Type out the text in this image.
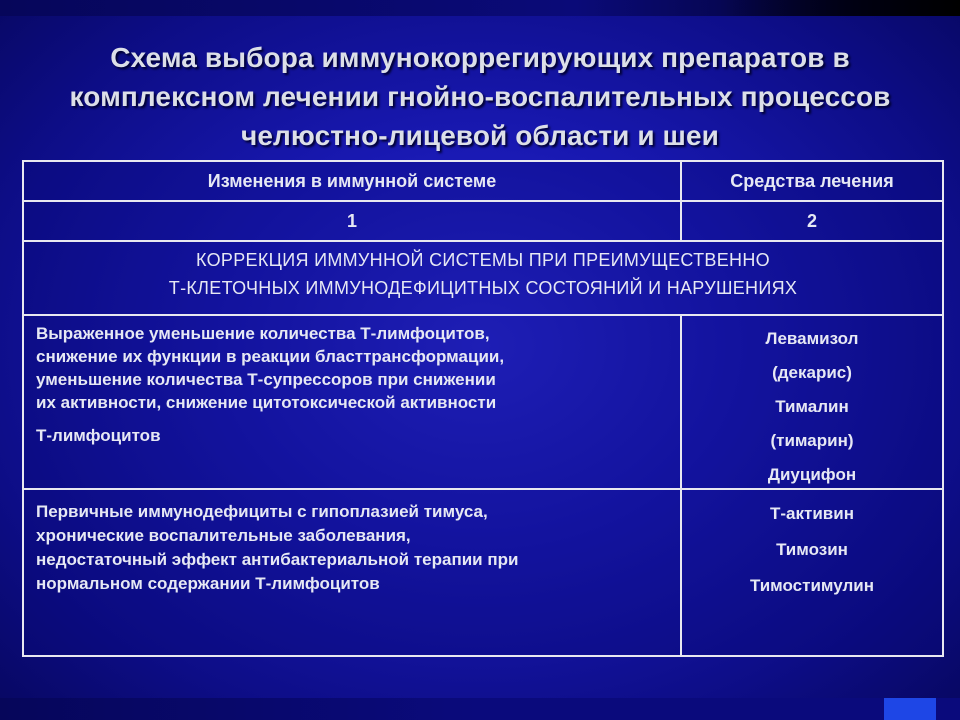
Схема выбора иммунокоррегирующих препаратов в
комплексном лечении гнойно-воспалительных процессов
челюстно-лицевой области и шеи
Изменения в иммунной системе	Средства лечения
1	2
КОРРЕКЦИЯ ИММУННОЙ СИСТЕМЫ ПРИ ПРЕИМУЩЕСТВЕННО
Т-КЛЕТОЧНЫХ ИММУНОДЕФИЦИТНЫХ СОСТОЯНИЙ И НАРУШЕНИЯХ
Выраженное уменьшение количества Т-лимфоцитов,
снижение их функции в реакции бласттрансформации,
уменьшение количества Т-супрессоров при снижении
их активности, снижение цитотоксической активности
Т-лимфоцитов
Левамизол
(декарис)
Тималин
(тимарин)
Диуцифон
Первичные иммунодефициты с гипоплазией тимуса,
хронические воспалительные заболевания,
недостаточный эффект антибактериальной терапии при
нормальном содержании Т-лимфоцитов
Т-активин
Тимозин
Тимостимулин
